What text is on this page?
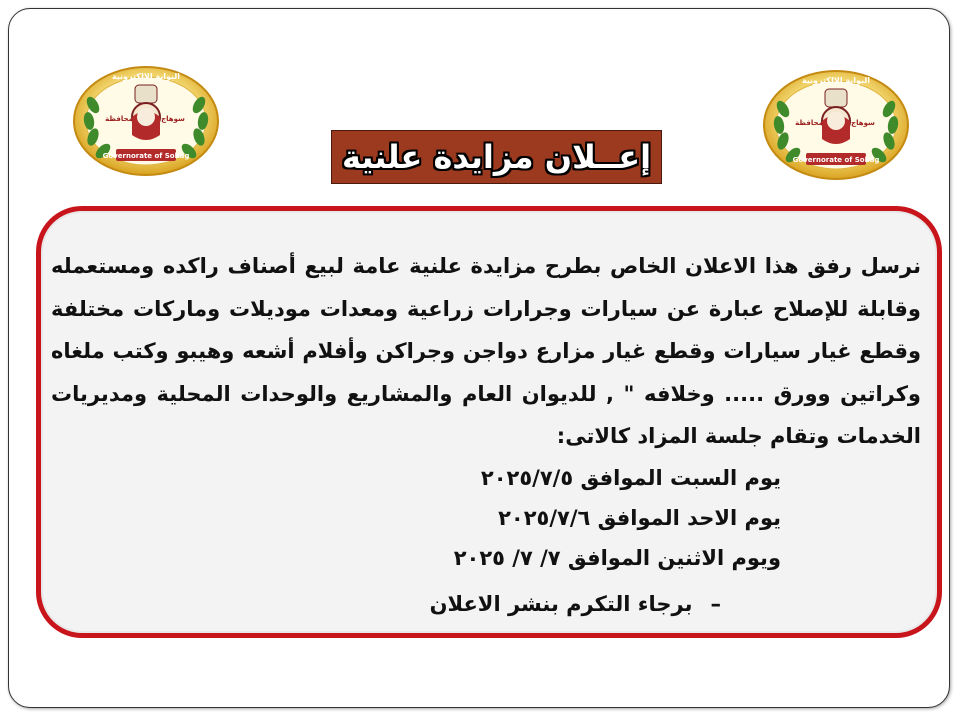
Governorate of Sohag
البوابة الالكترونية
محافظة	سوهاج
Governorate of Sohag
البوابة الالكترونية
محافظة	سوهاج
إعــلان مزايدة علنية

نرسل رفق هذا الاعلان الخاص بطرح مزايدة علنية عامة لبيع أصناف راكده ومستعمله وقابلة للإصلاح عبارة عن سيارات وجرارات زراعية ومعدات موديلات وماركات مختلفة وقطع غيار سيارات وقطع غيار مزارع دواجن وجراكن وأفلام أشعه وهيبو وكتب ملغاه وكراتين وورق ..... وخلافه " , للديوان العام والمشاريع والوحدات المحلية ومديريات الخدمات وتقام جلسة المزاد كالاتى:

يوم السبت الموافق ٢٠٢٥/٧/٥

يوم الاحد الموافق ٢٠٢٥/٧/٦

ويوم الاثنين الموافق ٧/ ٧/ ٢٠٢٥

–برجاء التكرم بنشر الاعلان
